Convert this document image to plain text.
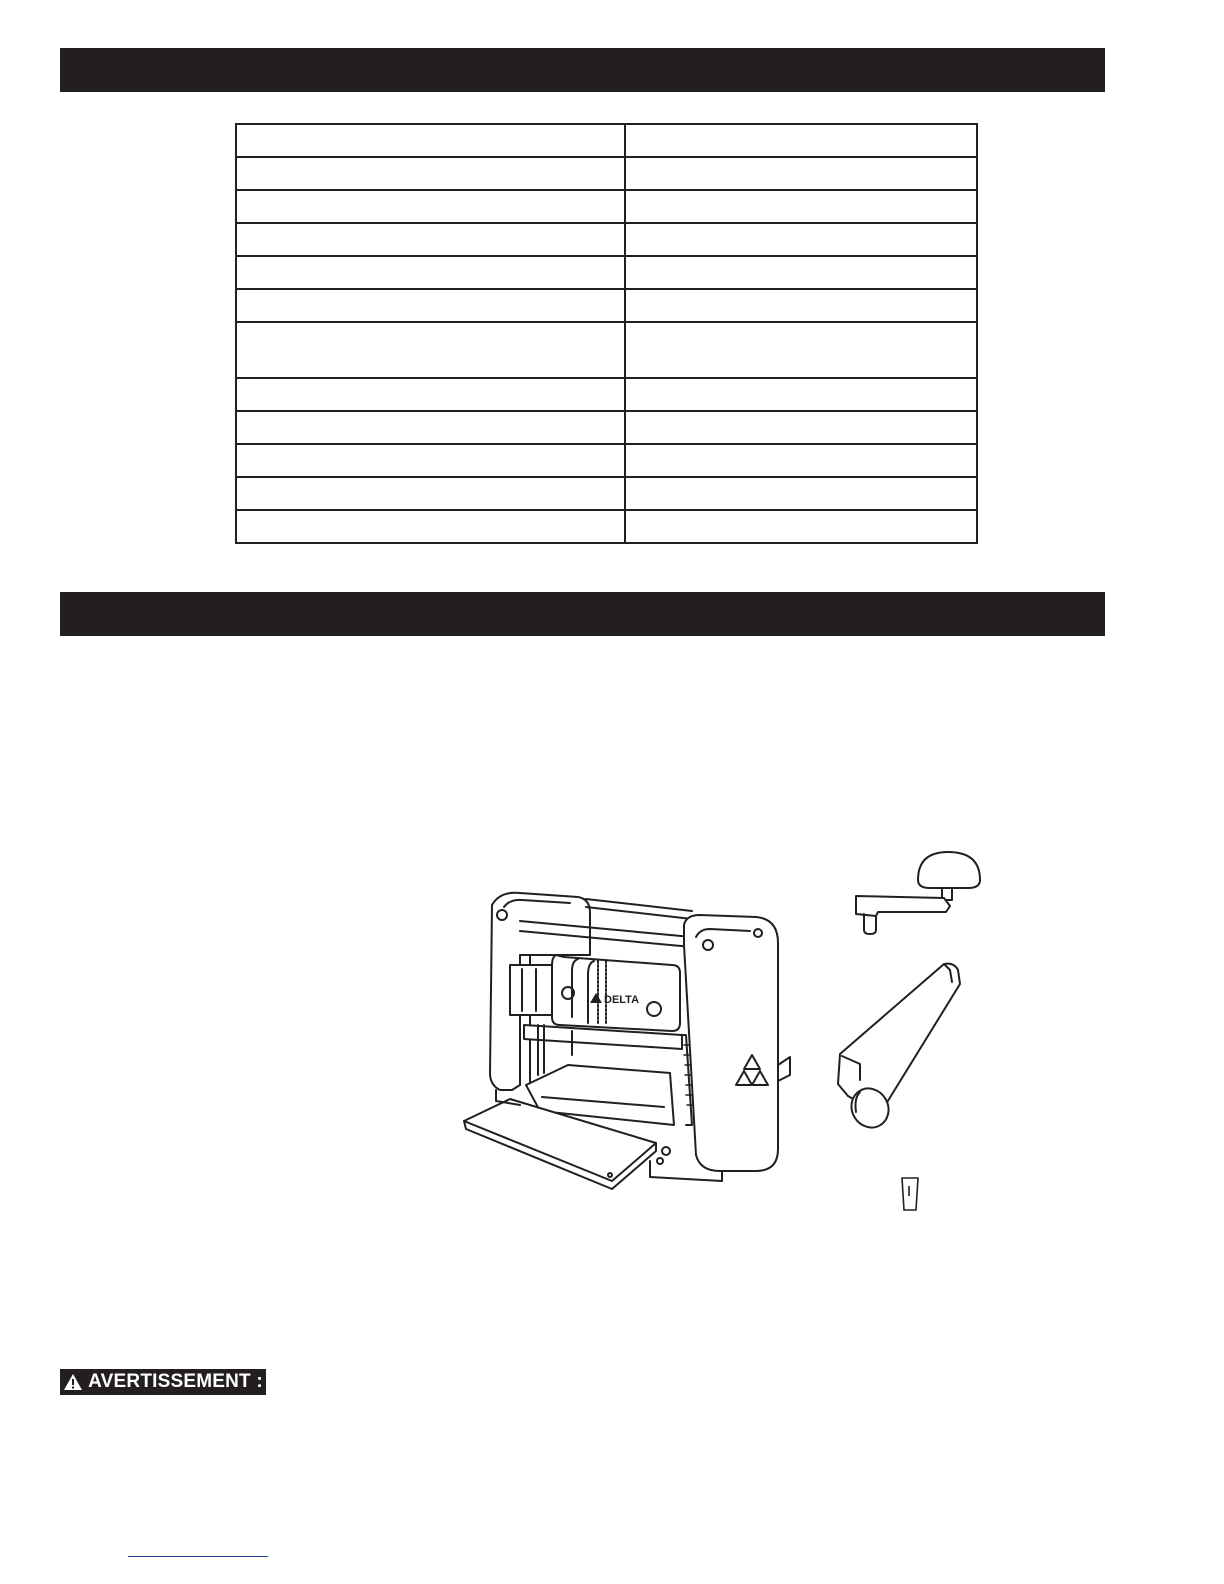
DELTA
AVERTISSEMENT :
